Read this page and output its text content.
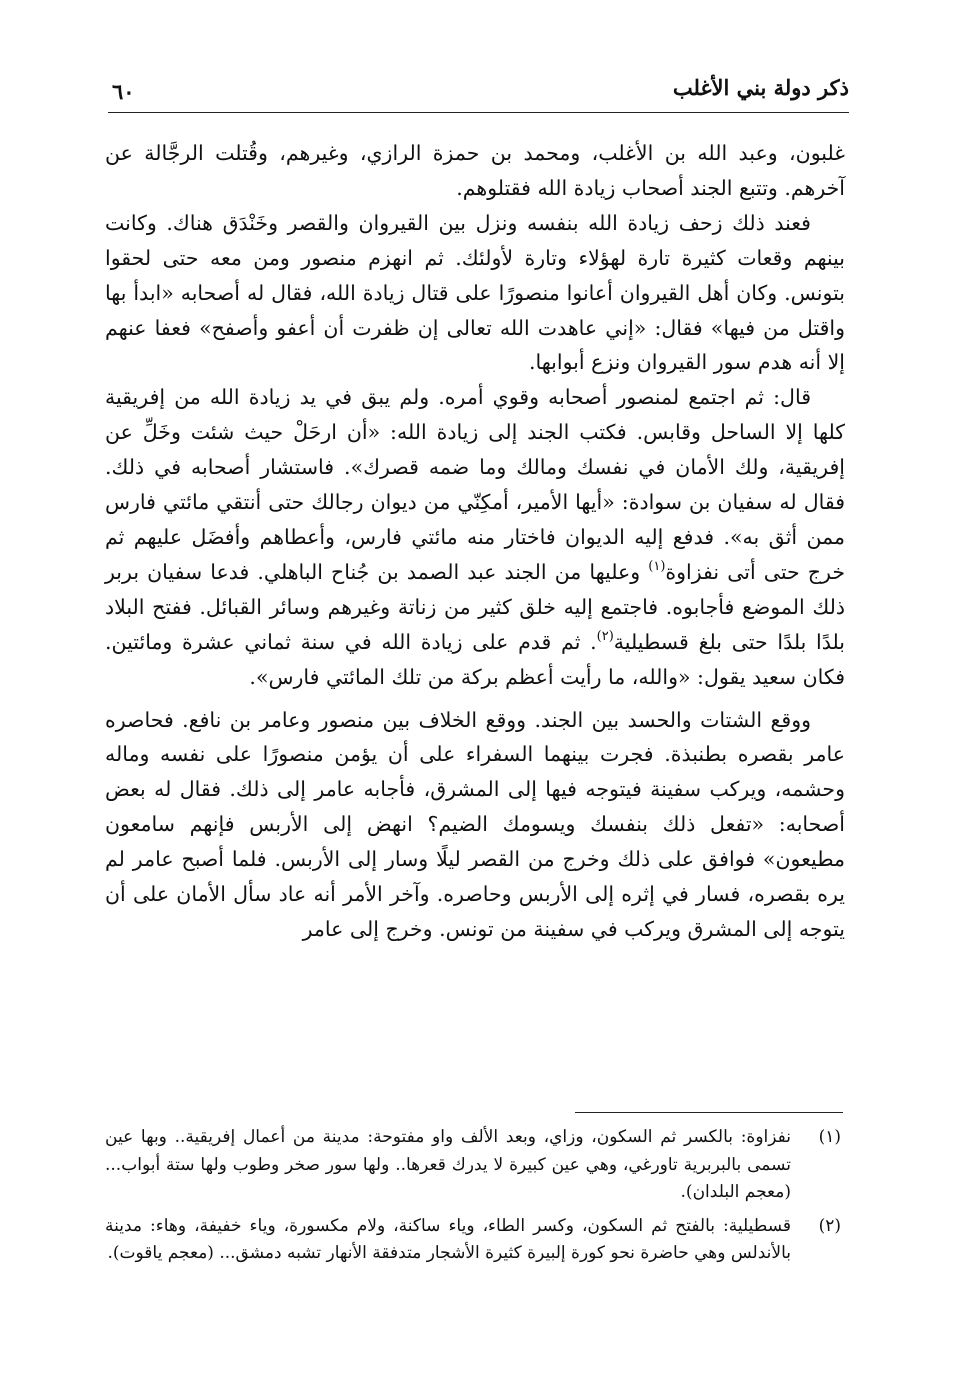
ذكر دولة بني الأغلب
٦٠

غلبون، وعبد الله بن الأغلب، ومحمد بن حمزة الرازي، وغيرهم، وقُتلت الرجَّالة عن آخرهم. وتتبع الجند أصحاب زيادة الله فقتلوهم.

فعند ذلك زحف زيادة الله بنفسه ونزل بين القيروان والقصر وخَنْدَق هناك. وكانت بينهم وقعات كثيرة تارة لهؤلاء وتارة لأولئك. ثم انهزم منصور ومن معه حتى لحقوا بتونس. وكان أهل القيروان أعانوا منصورًا على قتال زيادة الله، فقال له أصحابه «ابدأ بها واقتل من فيها» فقال: «إني عاهدت الله تعالى إن ظفرت أن أعفو وأصفح» فعفا عنهم إلا أنه هدم سور القيروان ونزع أبوابها.

قال: ثم اجتمع لمنصور أصحابه وقوي أمره. ولم يبق في يد زيادة الله من إفريقية كلها إلا الساحل وقابس. فكتب الجند إلى زيادة الله: «أن ارحَلْ حيث شئت وخَلِّ عن إفريقية، ولك الأمان في نفسك ومالك وما ضمه قصرك». فاستشار أصحابه في ذلك. فقال له سفيان بن سوادة: «أيها الأمير، أمكِنّي من ديوان رجالك حتى أنتقي مائتي فارس ممن أثق به». فدفع إليه الديوان فاختار منه مائتي فارس، وأعطاهم وأفضَل عليهم ثم خرج حتى أتى نفزاوة$^{(١)}$ وعليها من الجند عبد الصمد بن جُناح الباهلي. فدعا سفيان بربر ذلك الموضع فأجابوه. فاجتمع إليه خلق كثير من زناتة وغيرهم وسائر القبائل. ففتح البلاد بلدًا بلدًا حتى بلغ قسطيلية$^{(٢)}$. ثم قدم على زيادة الله في سنة ثماني عشرة ومائتين. فكان سعيد يقول: «والله، ما رأيت أعظم بركة من تلك المائتي فارس».

ووقع الشتات والحسد بين الجند. ووقع الخلاف بين منصور وعامر بن نافع. فحاصره عامر بقصره بطنبذة. فجرت بينهما السفراء على أن يؤمن منصورًا على نفسه وماله وحشمه، ويركب سفينة فيتوجه فيها إلى المشرق، فأجابه عامر إلى ذلك. فقال له بعض أصحابه: «تفعل ذلك بنفسك ويسومك الضيم؟ انهض إلى الأربس فإنهم سامعون مطيعون» فوافق على ذلك وخرج من القصر ليلًا وسار إلى الأربس. فلما أصبح عامر لم يره بقصره، فسار في إثره إلى الأربس وحاصره. وآخر الأمر أنه عاد سأل الأمان على أن يتوجه إلى المشرق ويركب في سفينة من تونس. وخرج إلى عامر

(١)
نفزاوة: بالكسر ثم السكون، وزاي، وبعد الألف واو مفتوحة: مدينة من أعمال إفريقية.. وبها عين تسمى بالبربرية تاورغي، وهي عين كبيرة لا يدرك قعرها.. ولها سور صخر وطوب ولها ستة أبواب... (معجم البلدان).
(٢)
قسطيلية: بالفتح ثم السكون، وكسر الطاء، وياء ساكنة، ولام مكسورة، وياء خفيفة، وهاء: مدينة بالأندلس وهي حاضرة نحو كورة إلبيرة كثيرة الأشجار متدفقة الأنهار تشبه دمشق... (معجم ياقوت).
